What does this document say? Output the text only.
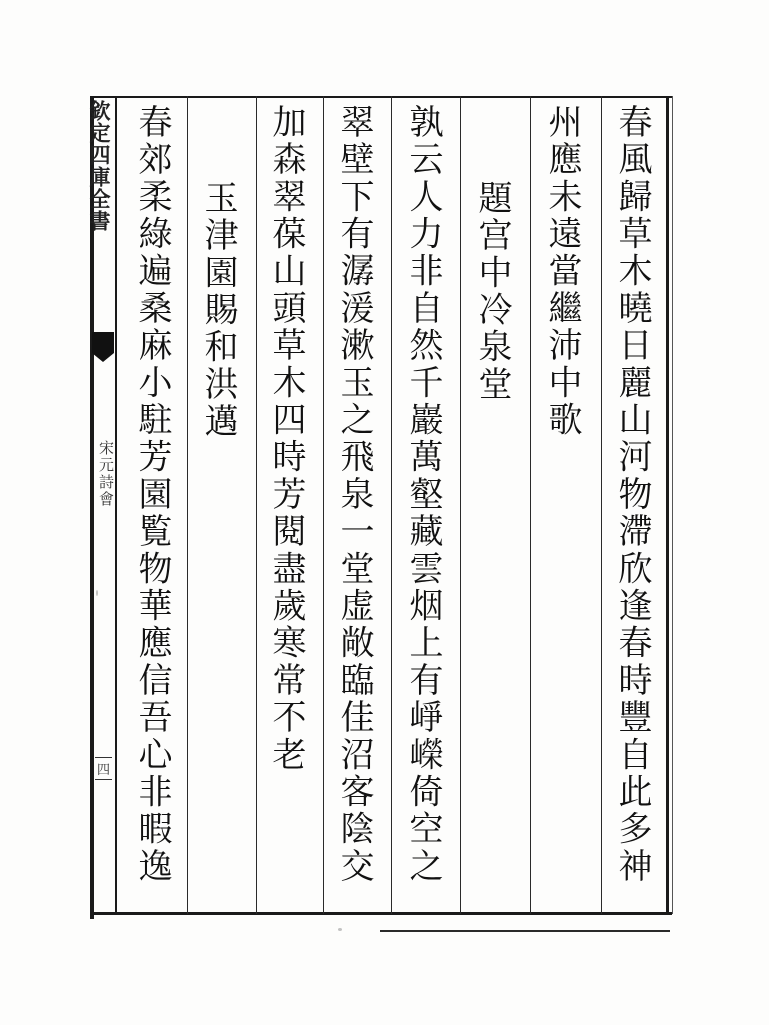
欽定四庫全書
宋元詩會
四	春風歸草木曉日麗山河物滯欣逢春時豐自此多神
州應未遠當繼沛中歌
題宫中冷泉堂
孰云人力非自然千巖萬壑藏雲烟上有崢嶸倚空之
翠壁下有潺湲漱玉之飛泉一堂虚敞臨佳沼客陰交
加森翠葆山頭草木四時芳閱盡歲寒常不老
玉津園賜和洪邁
春郊柔綠遍桑麻小駐芳園覧物華應信吾心非暇逸
